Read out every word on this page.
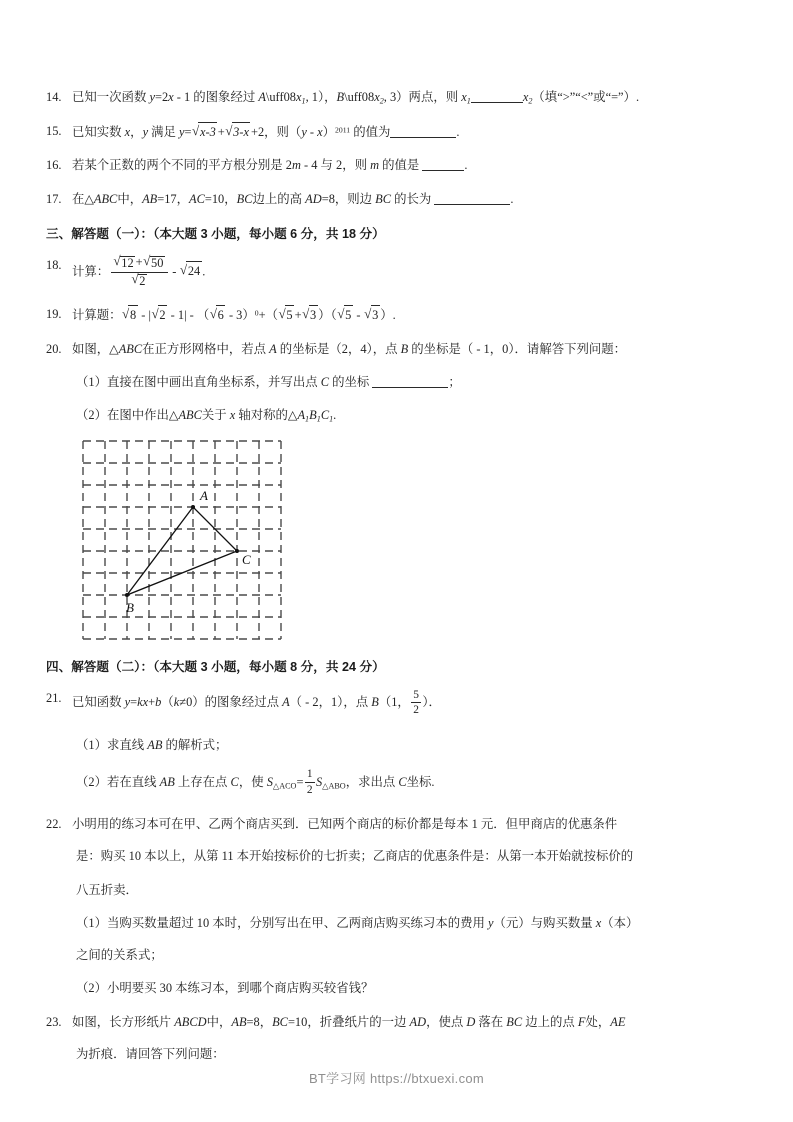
14. 已知一次函数 y=2x - 1 的图象经过 $A\backslash uff08x_1$, 1），$B\backslash uff08x_2$, 3）两点，则 $x_1$	$x_2$（填“>”“<”或“=”）.
15. 已知实数 x，y 满足 y= √ x-3 + √ 3-x +2，则（y - x）$^{2011}$ 的值为	.
16. 若某个正数的两个不同的平方根分别是 2m - 4 与 2，则 m 的值是	.
17. 在△ABC中，AB=17，AC=10，BC边上的高 AD=8，则边 BC 的长为	.
三、解答题（一）：（本大题 3 小题，每小题 6 分，共 18 分）
18. 计算： √ 12 + √ 50
√ 2 - √ 24 .
19. 计算题： √ 8 - | √ 2 - 1| - （ √ 6 - 3）$^0$+（ √ 5 + √ 3 ）（ √ 5 - √ 3 ）.
20. 如图，△ABC在正方形网格中，若点 A 的坐标是（2，4），点 B 的坐标是（ - 1，0）．请解答下列问题：
（1）直接在图中画出直角坐标系，并写出点 C 的坐标	；
（2）在图中作出△ABC关于 x 轴对称的$\triangle A_1B_1C_1$.
A
B
C
四、解答题（二）：（本大题 3 小题，每小题 8 分，共 24 分）
21. 已知函数 y=kx+b（k≠0）的图象经过点 A（ - 2，1），点 B（1， $\frac{5}{2}$ ）．
（1）求直线 AB 的解析式；
（2）若在直线 AB 上存在点 C，使 $S_{\triangle ACO}= \frac{1}{2} S_{\triangle ABO}$，求出点 C坐标.
22. 小明用的练习本可在甲、乙两个商店买到．已知两个商店的标价都是每本 1 元．但甲商店的优惠条件
是：购买 10 本以上，从第 11 本开始按标价的七折卖；乙商店的优惠条件是：从第一本开始就按标价的
八五折卖．
（1）当购买数量超过 10 本时，分别写出在甲、乙两商店购买练习本的费用 y（元）与购买数量 x（本）
之间的关系式；
（2）小明要买 30 本练习本，到哪个商店购买较省钱？
23. 如图，长方形纸片 ABCD中，AB=8，BC=10，折叠纸片的一边 AD，使点 D 落在 BC 边上的点 F处，AE
为折痕．请回答下列问题：
BT学习网 https://btxuexi.com
